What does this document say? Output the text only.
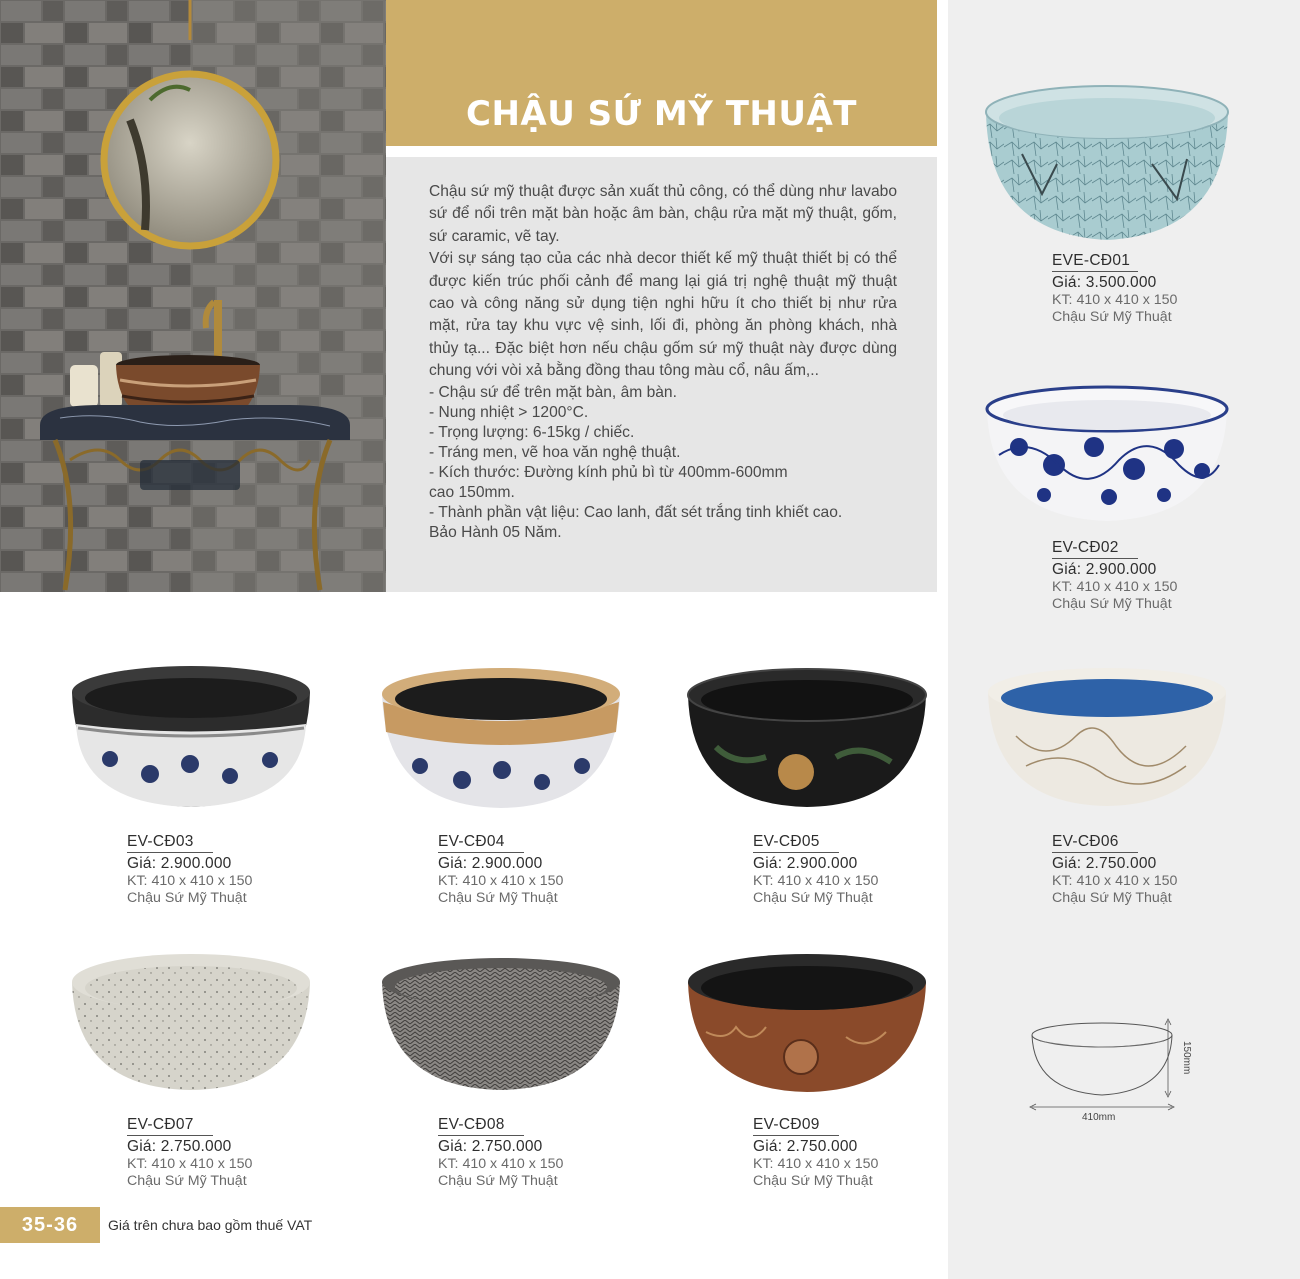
CHẬU SỨ MỸ THUẬT

Chậu sứ mỹ thuật được sản xuất thủ công, có thể dùng như lavabo sứ để nổi trên mặt bàn hoặc âm bàn, chậu rửa mặt mỹ thuật, gốm, sứ caramic, vẽ tay.

Với sự sáng tạo của các nhà decor thiết kế mỹ thuật thiết bị có thể được kiến trúc phối cảnh để mang lại giá trị nghệ thuật mỹ thuật cao và công năng sử dụng tiện nghi hữu ít cho thiết bị như rửa mặt, rửa tay khu vực vệ sinh, lối đi, phòng ăn phòng khách, nhà thủy tạ... Đặc biệt hơn nếu chậu gốm sứ mỹ thuật này được dùng chung với vòi xả bằng đồng thau tông màu cổ, nâu ấm,..

- Chậu sứ để trên mặt bàn, âm bàn.
- Nung nhiệt > 1200°C.
- Trọng lượng: 6-15kg / chiếc.
- Tráng men, vẽ hoa văn nghệ thuật.
- Kích thước: Đường kính phủ bì từ 400mm-600mm
cao 150mm.
- Thành phần vật liệu: Cao lanh, đất sét trắng tinh khiết cao.
Bảo Hành 05 Năm.
EVE-CĐ01
Giá: 3.500.000
KT: 410 x 410 x 150
Chậu Sứ Mỹ Thuật
EV-CĐ02
Giá: 2.900.000
KT: 410 x 410 x 150
Chậu Sứ Mỹ Thuật
EV-CĐ03
Giá: 2.900.000
KT: 410 x 410 x 150
Chậu Sứ Mỹ Thuật
EV-CĐ04
Giá: 2.900.000
KT: 410 x 410 x 150
Chậu Sứ Mỹ Thuật
EV-CĐ05
Giá: 2.900.000
KT: 410 x 410 x 150
Chậu Sứ Mỹ Thuật
EV-CĐ06
Giá: 2.750.000
KT: 410 x 410 x 150
Chậu Sứ Mỹ Thuật
EV-CĐ07
Giá: 2.750.000
KT: 410 x 410 x 150
Chậu Sứ Mỹ Thuật
EV-CĐ08
Giá: 2.750.000
KT: 410 x 410 x 150
Chậu Sứ Mỹ Thuật
EV-CĐ09
Giá: 2.750.000
KT: 410 x 410 x 150
Chậu Sứ Mỹ Thuật
150mm
410mm
35-36	Giá trên chưa bao gồm thuế VAT
